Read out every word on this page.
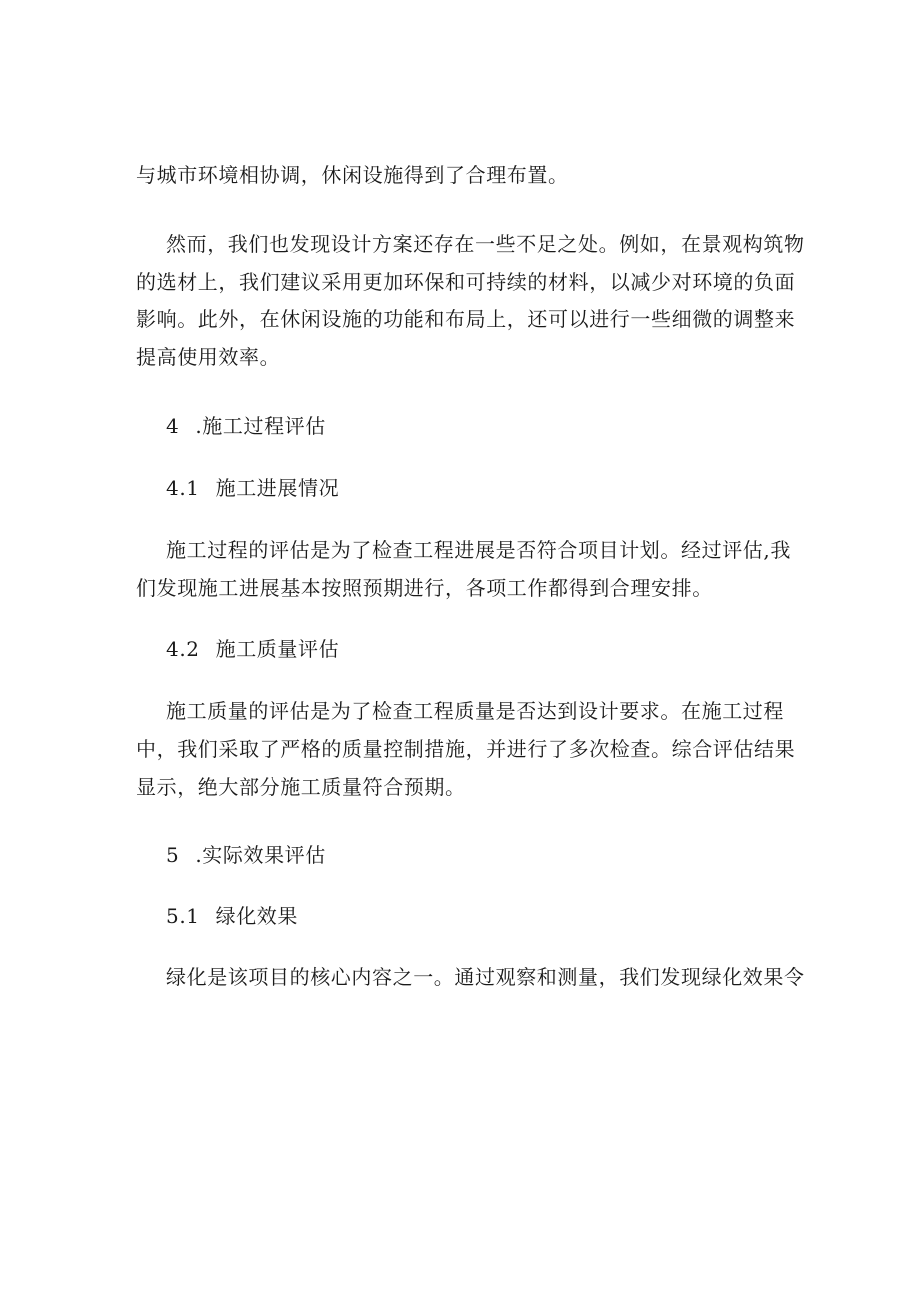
与城市环境相协调，休闲设施得到了合理布置。
然而，我们也发现设计方案还存在一些不足之处。例如，在景观构筑物
的选材上，我们建议采用更加环保和可持续的材料，以减少对环境的负面
影响。此外，在休闲设施的功能和布局上，还可以进行一些细微的调整来
提高使用效率。
4 .施工过程评估
4.1 施工进展情况
施工过程的评估是为了检查工程进展是否符合项目计划。经过评估,我
们发现施工进展基本按照预期进行，各项工作都得到合理安排。
4.2 施工质量评估
施工质量的评估是为了检查工程质量是否达到设计要求。在施工过程
中，我们采取了严格的质量控制措施，并进行了多次检查。综合评估结果
显示，绝大部分施工质量符合预期。
5 .实际效果评估
5.1 绿化效果
绿化是该项目的核心内容之一。通过观察和测量，我们发现绿化效果令
